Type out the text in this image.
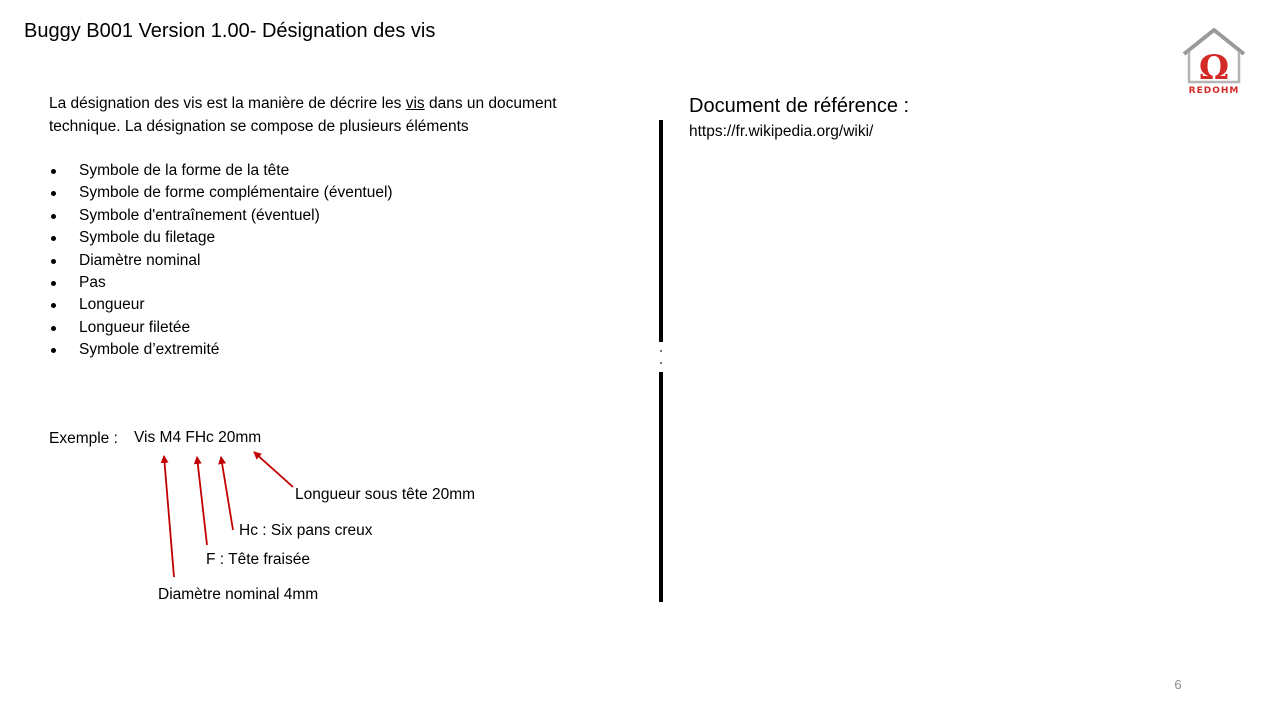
Buggy B001 Version 1.00- Désignation des vis
La désignation des vis est la manière de décrire les vis dans un document technique. La désignation se compose de plusieurs éléments
Symbole de la forme de la tête
Symbole de forme complémentaire (éventuel)
Symbole d'entraînement (éventuel)
Symbole du filetage
Diamètre nominal
Pas
Longueur
Longueur filetée
Symbole d’extremité
Exemple : Vis M4 FHc 20mm
Longueur sous tête 20mm
Hc : Six pans creux
F : Tête fraisée
Diamètre nominal 4mm
Document de référence :
https://fr.wikipedia.org/wiki/
Ω
REDOHM
6
